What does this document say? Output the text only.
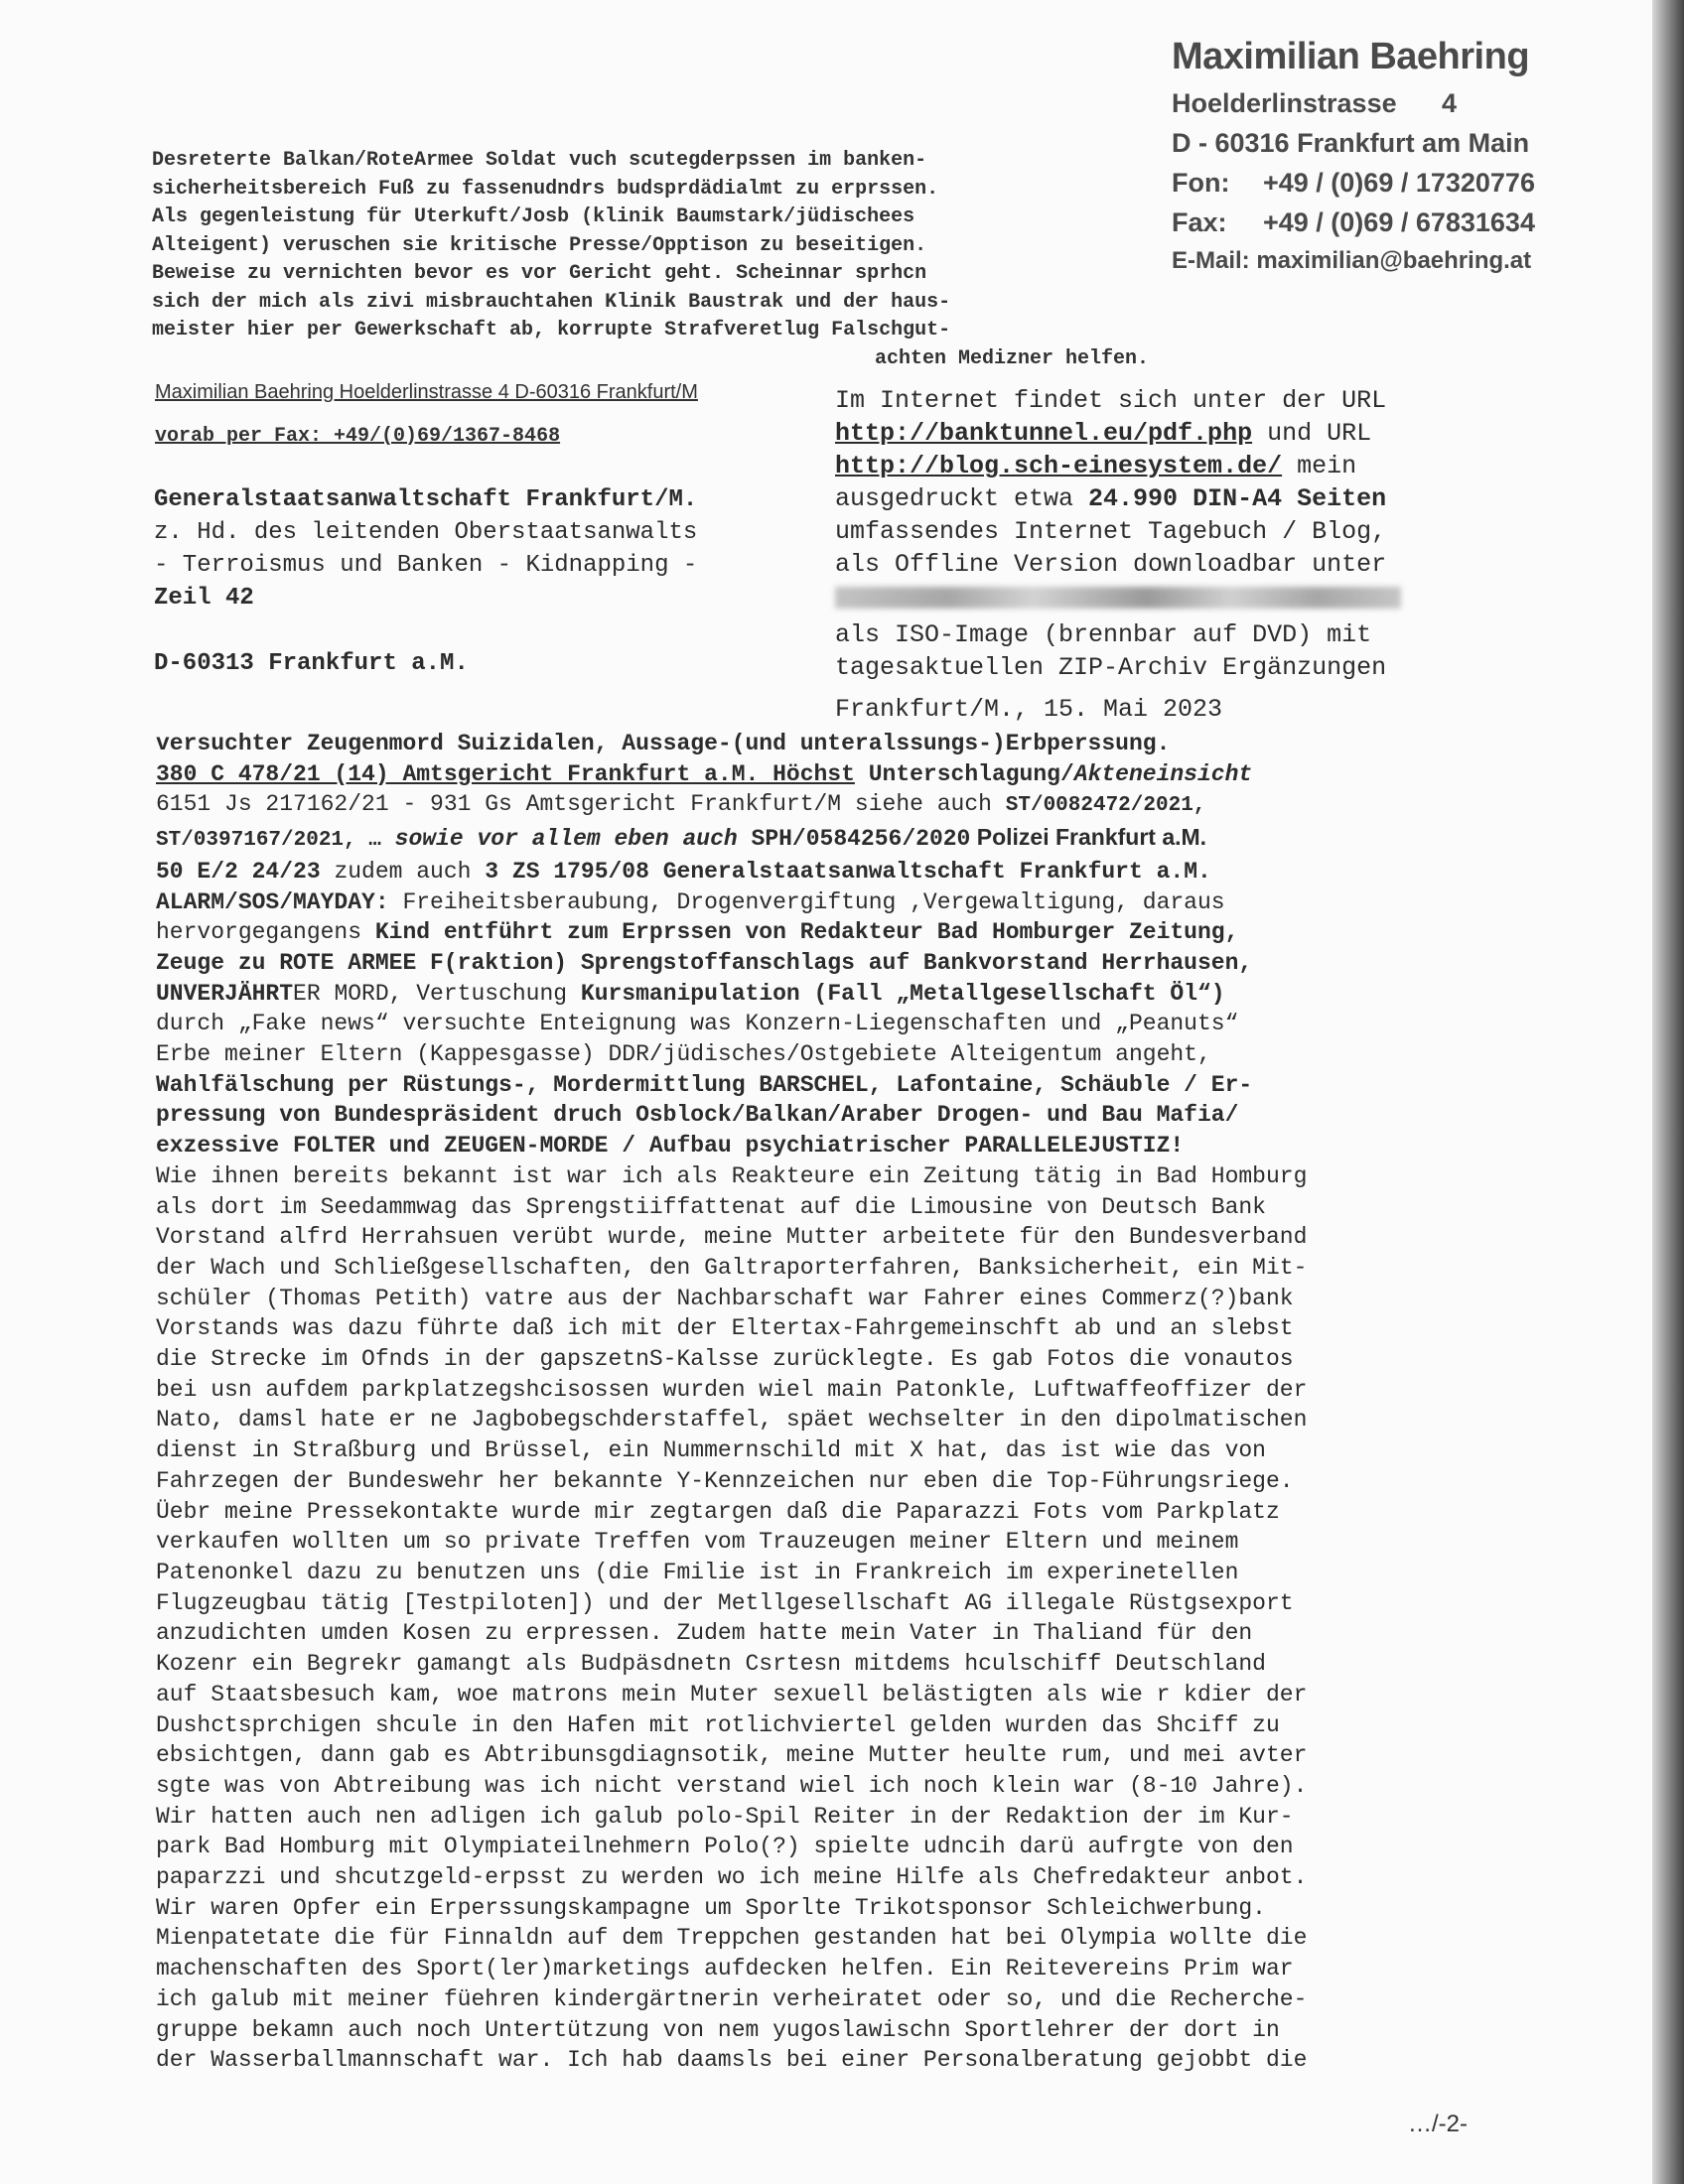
Maximilian Baehring
Hoelderlinstrasse 4
D - 60316 Frankfurt am Main
Fon: +49 / (0)69 / 17320776
Fax: +49 / (0)69 / 67831634
E-Mail: maximilian@baehring.at
Desreterte Balkan/RoteArmee Soldat vuch scutegderpssen im banken-
sicherheitsbereich Fuß zu fassenudndrs budsprdädialmt zu erprssen.
Als gegenleistung für Uterkuft/Josb (klinik Baumstark/jüdischees
Alteigent) veruschen sie kritische Presse/Opptison zu beseitigen.
Beweise zu vernichten bevor es vor Gericht geht. Scheinnar sprhcn
sich der mich als zivi misbrauchtahen Klinik Baustrak und der haus-
meister hier per Gewerkschaft ab, korrupte Strafveretlug Falschgut-
achten Medizner helfen.
Maximilian Baehring Hoelderlinstrasse 4 D-60316 Frankfurt/M
vorab per Fax: +49/(0)69/1367-8468
Generalstaatsanwaltschaft Frankfurt/M.
z. Hd. des leitenden Oberstaatsanwalts
- Terroismus und Banken - Kidnapping -
Zeil 42
D-60313 Frankfurt a.M.
Im Internet findet sich unter der URL
http://banktunnel.eu/pdf.php und URL
http://blog.sch-einesystem.de/ mein
ausgedruckt etwa 24.990 DIN-A4 Seiten
umfassendes Internet Tagebuch / Blog,
als Offline Version downloadbar unter
als ISO-Image (brennbar auf DVD) mit
tagesaktuellen ZIP-Archiv Ergänzungen
Frankfurt/M., 15. Mai 2023
versuchter Zeugenmord Suizidalen, Aussage-(und unteralssungs-)Erbperssung.
380 C 478/21 (14) Amtsgericht Frankfurt a.M. Höchst Unterschlagung/Akteneinsicht
6151 Js 217162/21 - 931 Gs Amtsgericht Frankfurt/M siehe auch ST/0082472/2021,
ST/0397167/2021, … sowie vor allem eben auch SPH/0584256/2020 Polizei Frankfurt a.M.
50 E/2 24/23 zudem auch 3 ZS 1795/08 Generalstaatsanwaltschaft Frankfurt a.M.
ALARM/SOS/MAYDAY: Freiheitsberaubung, Drogenvergiftung ,Vergewaltigung, daraus
hervorgegangens Kind entführt zum Erprssen von Redakteur Bad Homburger Zeitung,
Zeuge zu ROTE ARMEE F(raktion) Sprengstoffanschlags auf Bankvorstand Herrhausen,
UNVERJÄHRTER MORD, Vertuschung Kursmanipulation (Fall „Metallgesellschaft Öl“)
durch „Fake news“ versuchte Enteignung was Konzern-Liegenschaften und „Peanuts“
Erbe meiner Eltern (Kappesgasse) DDR/jüdisches/Ostgebiete Alteigentum angeht,
Wahlfälschung per Rüstungs-, Mordermittlung BARSCHEL, Lafontaine, Schäuble / Er-
pressung von Bundespräsident druch Osblock/Balkan/Araber Drogen- und Bau Mafia/
exzessive FOLTER und ZEUGEN-MORDE / Aufbau psychiatrischer PARALLELEJUSTIZ!
Wie ihnen bereits bekannt ist war ich als Reakteure ein Zeitung tätig in Bad Homburg
als dort im Seedammwag das Sprengstiiffattenat auf die Limousine von Deutsch Bank
Vorstand alfrd Herrahsuen verübt wurde, meine Mutter arbeitete für den Bundesverband
der Wach und Schließgesellschaften, den Galtraporterfahren, Banksicherheit, ein Mit-
schüler (Thomas Petith) vatre aus der Nachbarschaft war Fahrer eines Commerz(?)bank
Vorstands was dazu führte daß ich mit der Eltertax-Fahrgemeinschft ab und an slebst
die Strecke im Ofnds in der gapszetnS-Kalsse zurücklegte. Es gab Fotos die vonautos
bei usn aufdem parkplatzegshcisossen wurden wiel main Patonkle, Luftwaffeoffizer der
Nato, damsl hate er ne Jagbobegschderstaffel, späet wechselter in den dipolmatischen
dienst in Straßburg und Brüssel, ein Nummernschild mit X hat, das ist wie das von
Fahrzegen der Bundeswehr her bekannte Y-Kennzeichen nur eben die Top-Führungsriege.
Üebr meine Pressekontakte wurde mir zegtargen daß die Paparazzi Fots vom Parkplatz
verkaufen wollten um so private Treffen vom Trauzeugen meiner Eltern und meinem
Patenonkel dazu zu benutzen uns (die Fmilie ist in Frankreich im experinetellen
Flugzeugbau tätig [Testpiloten]) und der Metllgesellschaft AG illegale Rüstgsexport
anzudichten umden Kosen zu erpressen. Zudem hatte mein Vater in Thaliand für den
Kozenr ein Begrekr gamangt als Budpäsdnetn Csrtesn mitdems hculschiff Deutschland
auf Staatsbesuch kam, woe matrons mein Muter sexuell belästigten als wie r kdier der
Dushctsprchigen shcule in den Hafen mit rotlichviertel gelden wurden das Shciff zu
ebsichtgen, dann gab es Abtribunsgdiagnsotik, meine Mutter heulte rum, und mei avter
sgte was von Abtreibung was ich nicht verstand wiel ich noch klein war (8-10 Jahre).
Wir hatten auch nen adligen ich galub polo-Spil Reiter in der Redaktion der im Kur-
park Bad Homburg mit Olympiateilnehmern Polo(?) spielte udncih darü aufrgte von den
paparzzi und shcutzgeld-erpsst zu werden wo ich meine Hilfe als Chefredakteur anbot.
Wir waren Opfer ein Erperssungskampagne um Sporlte Trikotsponsor Schleichwerbung.
Mienpatetate die für Finnaldn auf dem Treppchen gestanden hat bei Olympia wollte die
machenschaften des Sport(ler)marketings aufdecken helfen. Ein Reitevereins Prim war
ich galub mit meiner füehren kindergärtnerin verheiratet oder so, und die Recherche-
gruppe bekamn auch noch Untertützung von nem yugoslawischn Sportlehrer der dort in
der Wasserballmannschaft war. Ich hab daamsls bei einer Personalberatung gejobbt die
…/-2-
